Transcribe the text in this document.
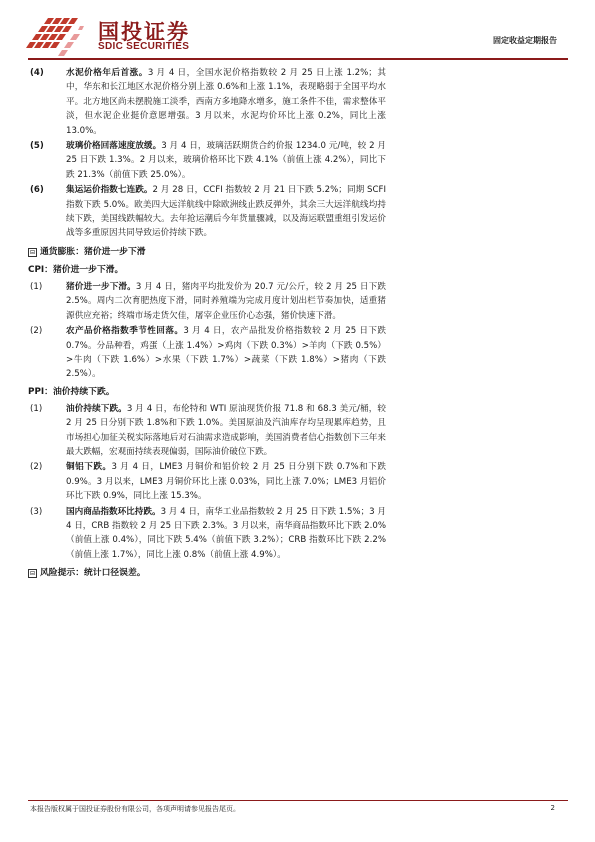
国投证券
SDIC SECURITIES
固定收益定期报告
(4)	水泥价格年后首涨。3 月 4 日，全国水泥价格指数较 2 月 25 日上涨 1.2%；其中，华东和长江地区水泥价格分别上涨 0.6%和上涨 1.1%，表现略弱于全国平均水平。北方地区尚未摆脱施工淡季，西南方多地降水增多，施工条件不佳，需求整体平淡，但水泥企业挺价意愿增强。3 月以来，水泥均价环比上涨 0.2%，同比上涨 13.0%。
(5)	玻璃价格回落速度放缓。3 月 4 日，玻璃活跃期货合约价报 1234.0 元/吨，较 2 月 25 日下跌 1.3%。2 月以来，玻璃价格环比下跌 4.1%（前值上涨 4.2%），同比下跌 21.3%（前值下跌 25.0%）。
(6)	集运运价指数七连跌。2 月 28 日，CCFI 指数较 2 月 21 日下跌 5.2%；同期 SCFI 指数下跌 5.0%。欧美四大远洋航线中除欧洲线止跌反弹外，其余三大远洋航线均持续下跌，美国线跌幅较大。去年抢运潮后今年货量骤减，以及海运联盟重组引发运价战等多重原因共同导致运价持续下跌。
⊟ 通货膨胀：猪价进一步下滑
CPI：猪价进一步下滑。
(1)	猪价进一步下滑。3 月 4 日，猪肉平均批发价为 20.7 元/公斤，较 2 月 25 日下跌 2.5%。周内二次育肥热度下滑，同时养殖端为完成月度计划出栏节奏加快，适重猪源供应充裕；终端市场走货欠佳，屠宰企业压价心态强，猪价快速下滑。
(2)	农产品价格指数季节性回落。3 月 4 日，农产品批发价格指数较 2 月 25 日下跌 0.7%。分品种看，鸡蛋（上涨 1.4%）>鸡肉（下跌 0.3%）>羊肉（下跌 0.5%）>牛肉（下跌 1.6%）>水果（下跌 1.7%）>蔬菜（下跌 1.8%）>猪肉（下跌 2.5%）。
PPI：油价持续下跌。
(1)	油价持续下跌。3 月 4 日，布伦特和 WTI 原油现货价报 71.8 和 68.3 美元/桶，较 2 月 25 日分别下跌 1.8%和下跌 1.0%。美国原油及汽油库存均呈现累库趋势，且市场担心加征关税实际落地后对石油需求造成影响，美国消费者信心指数创下三年来最大跌幅，宏观面持续表现偏弱，国际油价破位下跌。
(2)	铜铝下跌。3 月 4 日，LME3 月铜价和铝价较 2 月 25 日分别下跌 0.7%和下跌 0.9%。3 月以来，LME3 月铜价环比上涨 0.03%，同比上涨 7.0%；LME3 月铝价环比下跌 0.9%，同比上涨 15.3%。
(3)	国内商品指数环比持跌。3 月 4 日，南华工业品指数较 2 月 25 日下跌 1.5%；3 月 4 日，CRB 指数较 2 月 25 日下跌 2.3%。3 月以来，南华商品指数环比下跌 2.0%（前值上涨 0.4%），同比下跌 5.4%（前值下跌 3.2%）；CRB 指数环比下跌 2.2%（前值上涨 1.7%），同比上涨 0.8%（前值上涨 4.9%）。
⊟ 风险提示：统计口径误差。
本报告版权属于国投证券股份有限公司，各项声明请参见报告尾页。	2
